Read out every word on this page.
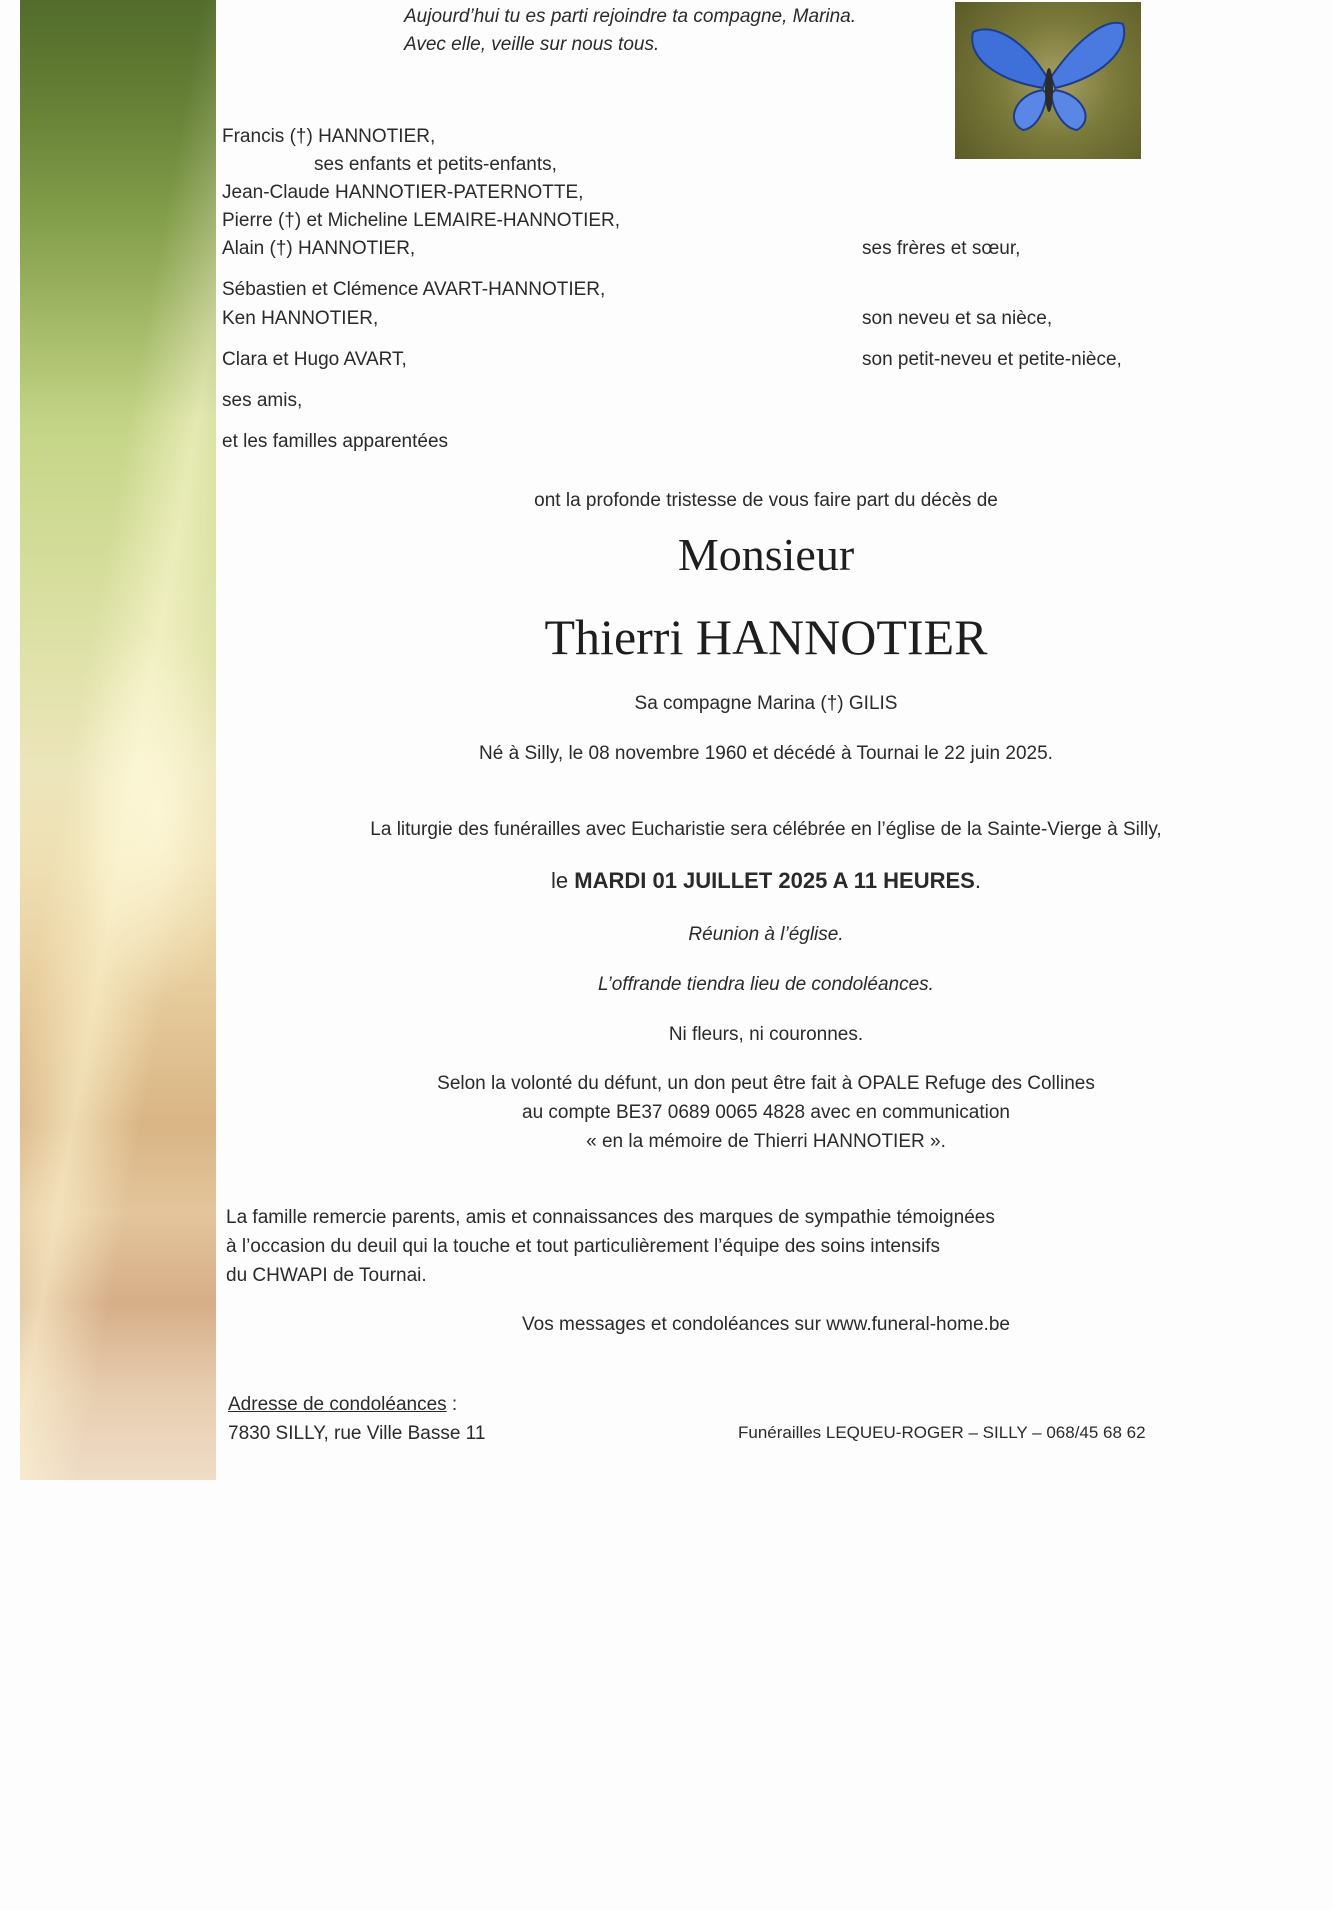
Aujourd’hui tu es parti rejoindre ta compagne, Marina.
Avec elle, veille sur nous tous.
Francis (†) HANNOTIER,
ses enfants et petits-enfants,
Jean-Claude HANNOTIER-PATERNOTTE,
Pierre (†) et Micheline LEMAIRE-HANNOTIER,
Alain (†) HANNOTIER,
Sébastien et Clémence AVART-HANNOTIER,
Ken HANNOTIER,
Clara et Hugo AVART,
ses amis,
et les familles apparentées
ses frères et sœur,
son neveu et sa nièce,
son petit-neveu et petite-nièce,
ont la profonde tristesse de vous faire part du décès de
Monsieur
Thierri HANNOTIER
Sa compagne Marina (†) GILIS
Né à Silly, le 08 novembre 1960 et décédé à Tournai le 22 juin 2025.
La liturgie des funérailles avec Eucharistie sera célébrée en l’église de la Sainte-Vierge à Silly,
le MARDI 01 JUILLET 2025 A 11 HEURES.
Réunion à l’église.
L’offrande tiendra lieu de condoléances.
Ni fleurs, ni couronnes.
Selon la volonté du défunt, un don peut être fait à OPALE Refuge des Collines
au compte BE37 0689 0065 4828 avec en communication
« en la mémoire de Thierri HANNOTIER ».
La famille remercie parents, amis et connaissances des marques de sympathie témoignées
à l’occasion du deuil qui la touche et tout particulièrement l’équipe des soins intensifs
du CHWAPI de Tournai.
Vos messages et condoléances sur www.funeral-home.be
Adresse de condoléances :
7830 SILLY, rue Ville Basse 11	Funérailles LEQUEU-ROGER – SILLY – 068/45 68 62
